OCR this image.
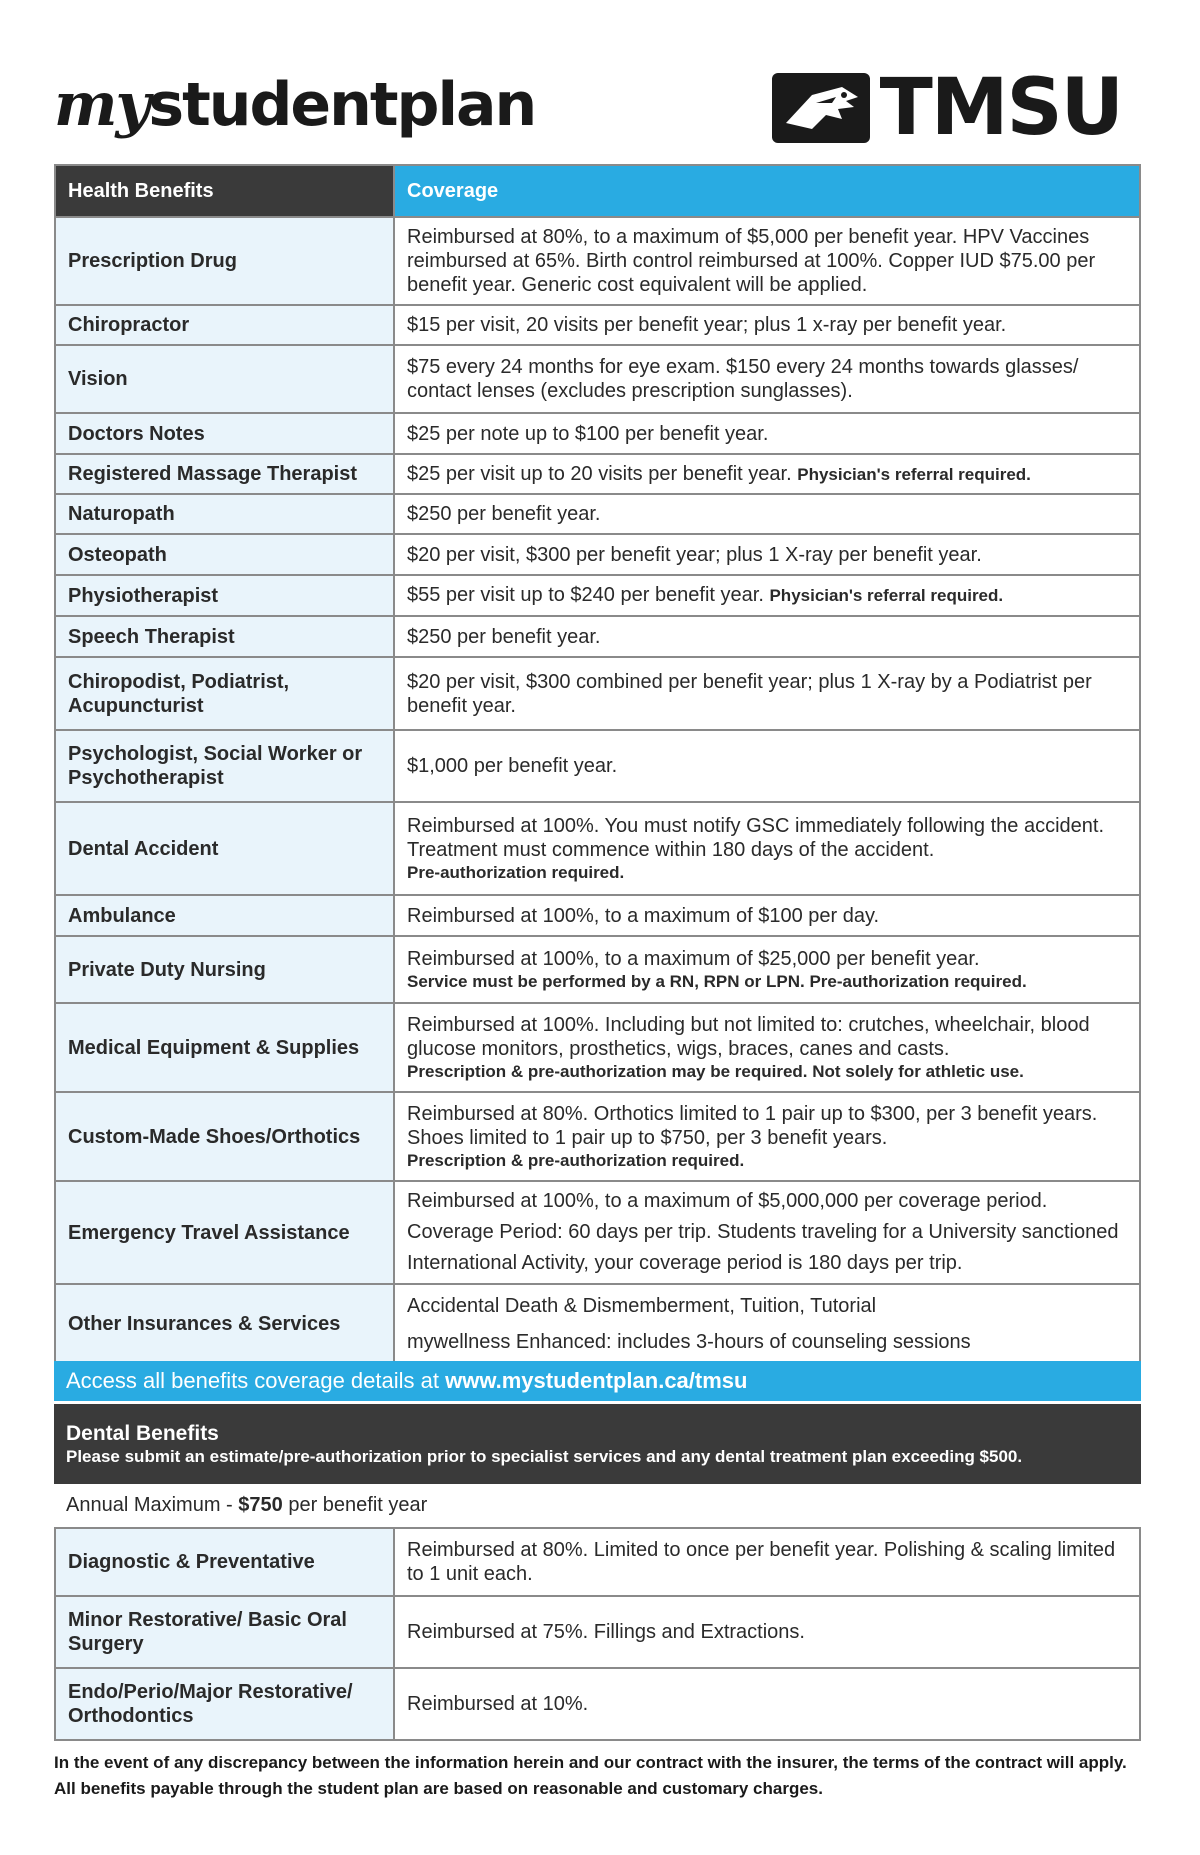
mystudentplan	TMSU
Health Benefits	Coverage
Prescription Drug	Reimbursed at 80%, to a maximum of $5,000 per benefit year. HPV Vaccines reimbursed at 65%. Birth control reimbursed at 100%. Copper IUD $75.00 per benefit year. Generic cost equivalent will be applied.
Chiropractor	$15 per visit, 20 visits per benefit year; plus 1 x-ray per benefit year.
Vision	$75 every 24 months for eye exam. $150 every 24 months towards glasses/ contact lenses (excludes prescription sunglasses).
Doctors Notes	$25 per note up to $100 per benefit year.
Registered Massage Therapist	$25 per visit up to 20 visits per benefit year. Physician's referral required.
Naturopath	$250 per benefit year.
Osteopath	$20 per visit, $300 per benefit year; plus 1 X-ray per benefit year.
Physiotherapist	$55 per visit up to $240 per benefit year. Physician's referral required.
Speech Therapist	$250 per benefit year.
Chiropodist, Podiatrist, Acupuncturist	$20 per visit, $300 combined per benefit year; plus 1 X-ray by a Podiatrist per benefit year.
Psychologist, Social Worker or Psychotherapist	$1,000 per benefit year.
Dental Accident	Reimbursed at 100%. You must notify GSC immediately following the accident. Treatment must commence within 180 days of the accident.
Pre-authorization required.

Ambulance	Reimbursed at 100%, to a maximum of $100 per day.
Private Duty Nursing	Reimbursed at 100%, to a maximum of $25,000 per benefit year.
Service must be performed by a RN, RPN or LPN. Pre-authorization required.

Medical Equipment & Supplies	Reimbursed at 100%. Including but not limited to: crutches, wheelchair, blood glucose monitors, prosthetics, wigs, braces, canes and casts.
Prescription & pre-authorization may be required. Not solely for athletic use.

Custom-Made Shoes/Orthotics	Reimbursed at 80%. Orthotics limited to 1 pair up to $300, per 3 benefit years. Shoes limited to 1 pair up to $750, per 3 benefit years.
Prescription & pre-authorization required.

Emergency Travel Assistance	Reimbursed at 100%, to a maximum of $5,000,000 per coverage period. Coverage Period: 60 days per trip. Students traveling for a University sanctioned International Activity, your coverage period is 180 days per trip.
Other Insurances & Services	Accidental Death & Dismemberment, Tuition, Tutorial
mywellness Enhanced: includes 3-hours of counseling sessions
Access all benefits coverage details at www.mystudentplan.ca/tmsu
Dental Benefits
Please submit an estimate/pre-authorization prior to specialist services and any dental treatment plan exceeding $500.
Annual Maximum - $750 per benefit year
Diagnostic & Preventative	Reimbursed at 80%. Limited to once per benefit year. Polishing & scaling limited to 1 unit each.
Minor Restorative/ Basic Oral Surgery	Reimbursed at 75%. Fillings and Extractions.
Endo/Perio/Major Restorative/ Orthodontics	Reimbursed at 10%.
In the event of any discrepancy between the information herein and our contract with the insurer, the terms of the contract will apply. All benefits payable through the student plan are based on reasonable and customary charges.
